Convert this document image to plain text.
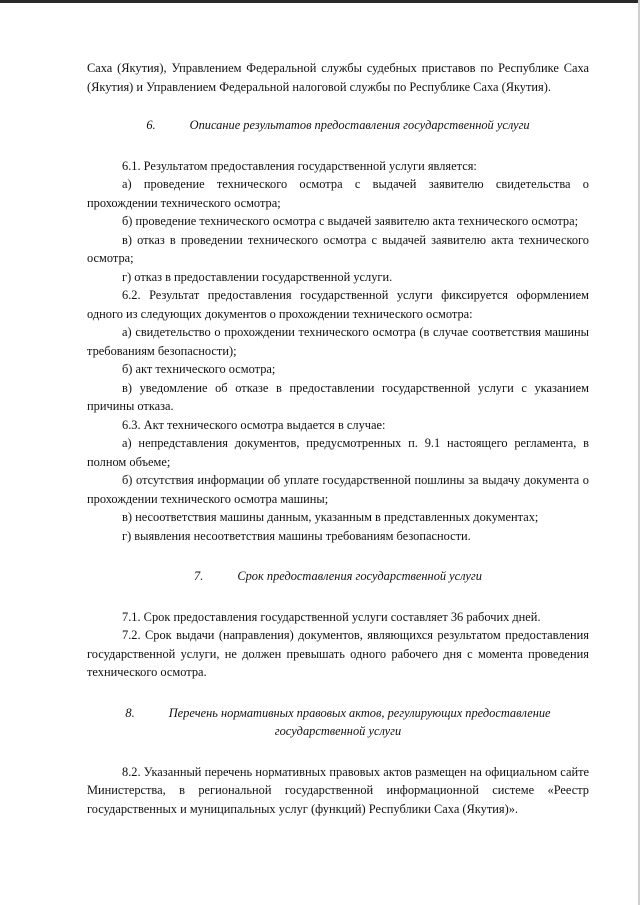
Саха (Якутия), Управлением Федеральной службы судебных приставов по Республике Саха (Якутия) и Управлением Федеральной налоговой службы по Республике Саха (Якутия).

6.	Описание результатов предоставления государственной услуги

6.1. Результатом предоставления государственной услуги является:

а) проведение технического осмотра с выдачей заявителю свидетельства о прохождении технического осмотра;

б) проведение технического осмотра с выдачей заявителю акта технического осмотра;

в) отказ в проведении технического осмотра с выдачей заявителю акта технического осмотра;

г) отказ в предоставлении государственной услуги.

6.2. Результат предоставления государственной услуги фиксируется оформлением одного из следующих документов о прохождении технического осмотра:

а) свидетельство о прохождении технического осмотра (в случае соответствия машины требованиям безопасности);

б) акт технического осмотра;

в) уведомление об отказе в предоставлении государственной услуги с указанием причины отказа.

6.3. Акт технического осмотра выдается в случае:

а) непредставления документов, предусмотренных п. 9.1 настоящего регламента, в полном объеме;

б) отсутствия информации об уплате государственной пошлины за выдачу документа о прохождении технического осмотра машины;

в) несоответствия машины данным, указанным в представленных документах;

г) выявления несоответствия машины требованиям безопасности.

7.	Срок предоставления государственной услуги

7.1. Срок предоставления государственной услуги составляет 36 рабочих дней.

7.2. Срок выдачи (направления) документов, являющихся результатом предоставления государственной услуги, не должен превышать одного рабочего дня с момента проведения технического осмотра.

8.	Перечень нормативных правовых актов, регулирующих предоставление
государственной услуги

8.2. Указанный перечень нормативных правовых актов размещен на официальном сайте Министерства, в региональной государственной информационной системе «Реестр государственных и муниципальных услуг (функций) Республики Саха (Якутия)».
